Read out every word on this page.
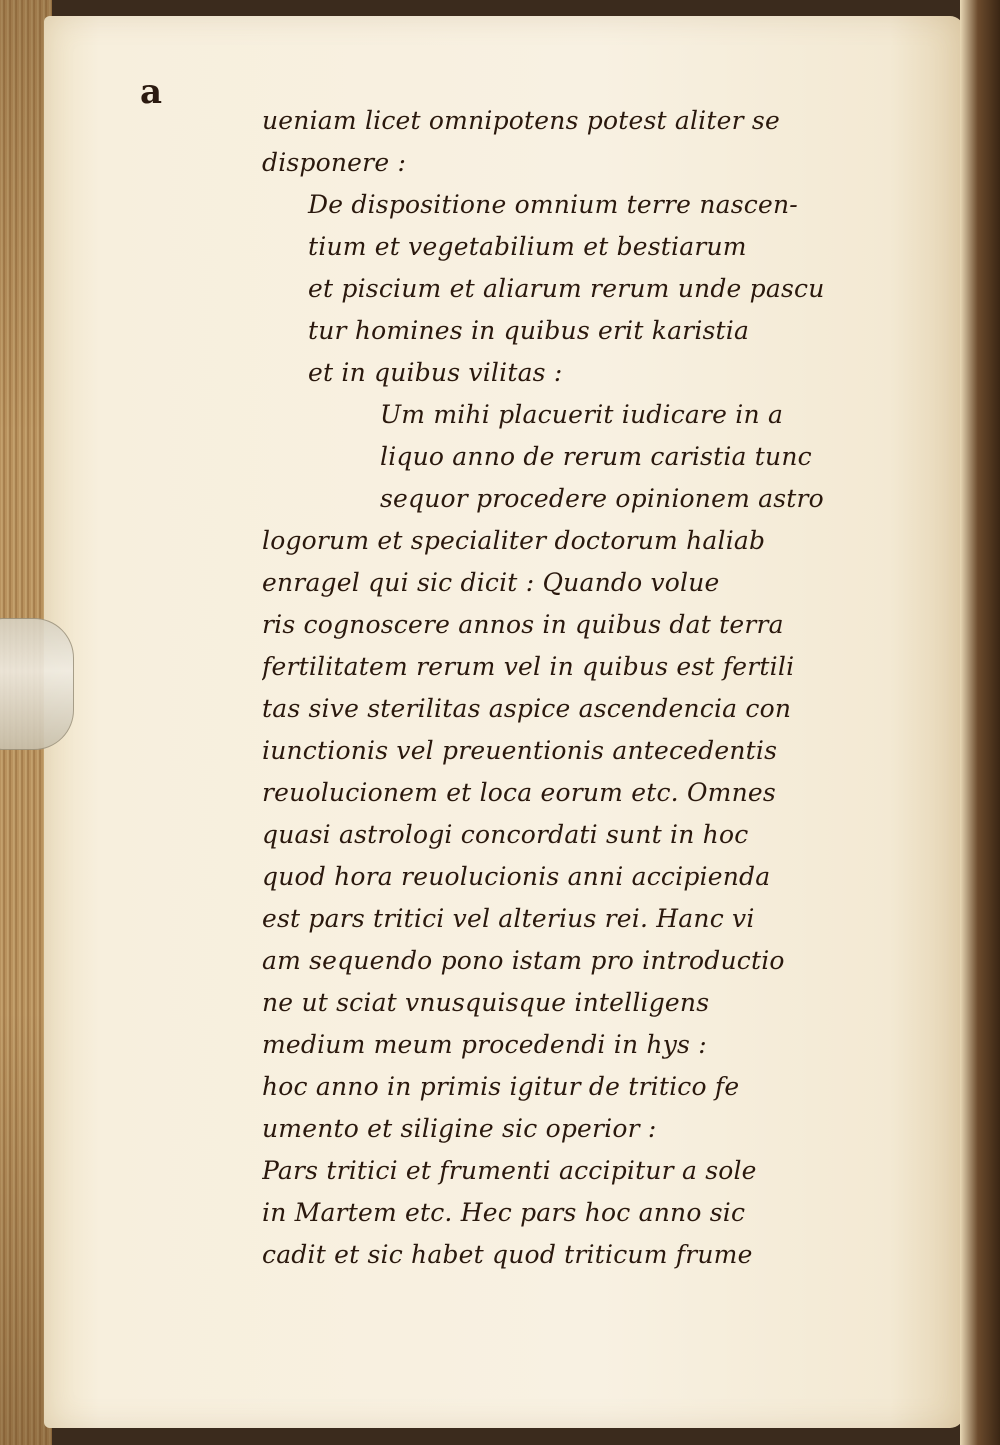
a
ueniam licet omnipotens potest aliter se
disponere :
De dispositione omnium terre nascen-
tium et vegetabilium et bestiarum
et piscium et aliarum rerum unde pascu
tur homines in quibus erit karistia
et in quibus vilitas :
Um mihi placuerit iudicare in a
liquo anno de rerum caristia tunc
sequor procedere opinionem astro
logorum et specialiter doctorum haliab
enragel qui sic dicit : Quando volue
ris cognoscere annos in quibus dat terra
fertilitatem rerum vel in quibus est fertili
tas sive sterilitas aspice ascendencia con
iunctionis vel preuentionis antecedentis
reuolucionem et loca eorum etc. Omnes
quasi astrologi concordati sunt in hoc
quod hora reuolucionis anni accipienda
est pars tritici vel alterius rei. Hanc vi
am sequendo pono istam pro introductio
ne ut sciat vnusquisque intelligens
medium meum procedendi in hys :
hoc anno in primis igitur de tritico fe
umento et siligine sic operior :
Pars tritici et frumenti accipitur a sole
in Martem etc. Hec pars hoc anno sic
cadit et sic habet quod triticum frume
